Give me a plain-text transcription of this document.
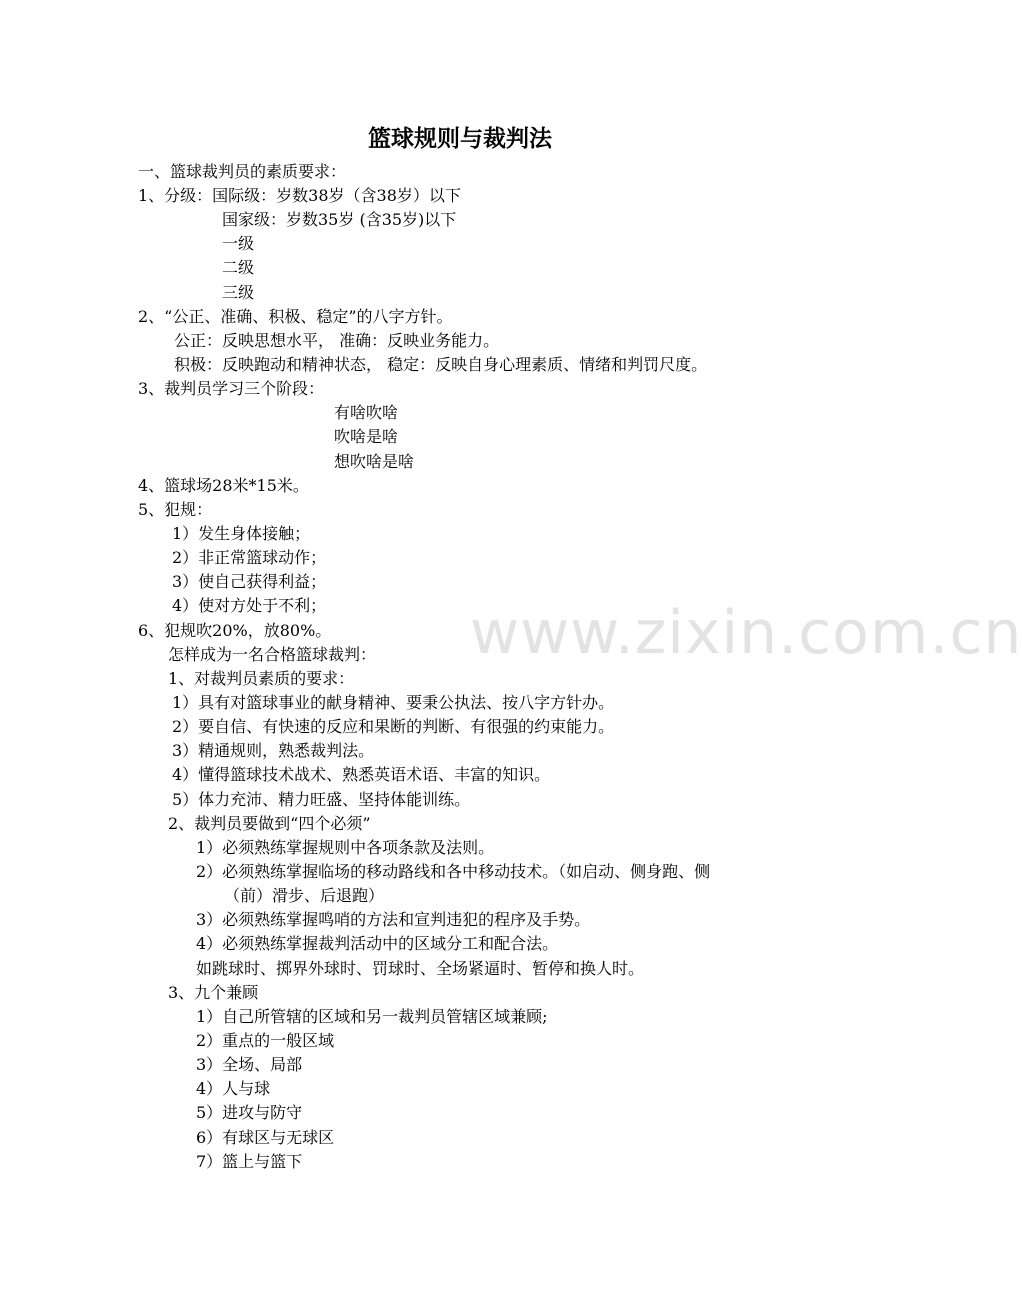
www.zixin.com.cn
篮球规则与裁判法
一、篮球裁判员的素质要求：
1、分级：国际级：岁数38岁（含38岁）以下
国家级：岁数35岁 (含35岁)以下
一级
二级
三级
2、“公正、准确、积极、稳定”的八字方针。
公正：反映思想水平， 准确：反映业务能力。
积极：反映跑动和精神状态， 稳定：反映自身心理素质、情绪和判罚尺度。
3、裁判员学习三个阶段：
有啥吹啥
吹啥是啥
想吹啥是啥
4、篮球场28米*15米。
5、犯规：
1）发生身体接触；
2）非正常篮球动作；
3）使自己获得利益；
4）使对方处于不利；
6、犯规吹20%，放80%。
怎样成为一名合格篮球裁判：
1、对裁判员素质的要求：
1）具有对篮球事业的献身精神、要秉公执法、按八字方针办。
2）要自信、有快速的反应和果断的判断、有很强的约束能力。
3）精通规则，熟悉裁判法。
4）懂得篮球技术战术、熟悉英语术语、丰富的知识。
5）体力充沛、精力旺盛、坚持体能训练。
2、裁判员要做到“四个必须”
1）必须熟练掌握规则中各项条款及法则。
2）必须熟练掌握临场的移动路线和各中移动技术。（如启动、侧身跑、侧
（前）滑步、后退跑）
3）必须熟练掌握鸣哨的方法和宣判违犯的程序及手势。
4）必须熟练掌握裁判活动中的区域分工和配合法。
如跳球时、掷界外球时、罚球时、全场紧逼时、暂停和换人时。
3、九个兼顾
1）自己所管辖的区域和另一裁判员管辖区域兼顾;
2）重点的一般区域
3）全场、局部
4）人与球
5）进攻与防守
6）有球区与无球区
7）篮上与篮下
